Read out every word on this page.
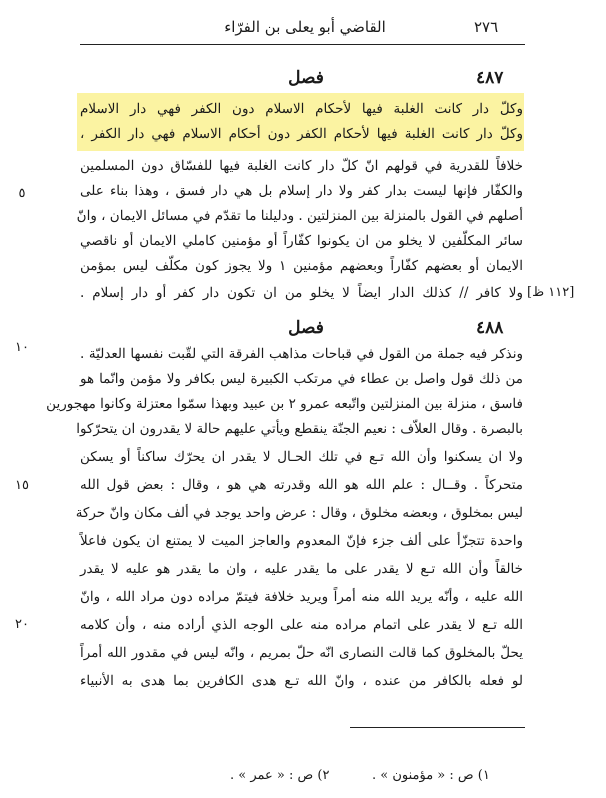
٢٧٦
القاضي أبو يعلى بن الفرّاء
٤٨٧
فصل
وكلّ دار كانت الغلبة فيها لأحكام الاسلام دون الكفر فهي دار الاسلام
وكلّ دار كانت الغلبة فيها لأحكام الكفر دون أحكام الاسلام فهي دار الكفر ،
خلافاً للقدرية في قولهم انّ كلّ دار كانت الغلبة فيها للفسّاق دون المسلمين
والكفّار فإنها ليست بدار كفر ولا دار إسلام بل هي دار فسق ، وهذا بناء على
أصلهم في القول بالمنزلة بين المنزلتين . ودليلنا ما تقدّم في مسائل الايمان ، وانّ
سائر المكلّفين لا يخلو من ان يكونوا كفّاراً أو مؤمنين كاملي الايمان أو ناقصي
الايمان أو بعضهم كفّاراً وبعضهم مؤمنين ١ ولا يجوز كون مكلّف ليس بمؤمن
ولا كافر // كذلك الدار ايضاً لا يخلو من ان تكون دار كفر أو دار إسلام . [١١٢ ظ]
٤٨٨
فصل
ونذكر فيه جملة من القول في قباحات مذاهب الفرقة التي لقّبت نفسها العدليّة .
من ذلك قول واصل بن عطاء في مرتكب الكبيرة ليس بكافر ولا مؤمن وانّما هو
فاسق ، منزلة بين المنزلتين واتّبعه عمرو ٢ بن عبيد وبهذا سمّوا معتزلة وكانوا مهجورين
بالبصرة . وقال العلاّف : نعيم الجنّة ينقطع ويأتي عليهم حالة لا يقدرون ان يتحرّكوا
ولا ان يسكنوا وأن الله تـع في تلك الحـال لا يقدر ان يحرّك ساكناً أو يسكن
متحركاً . وقــال : علم الله هو الله وقدرته هي هو ، وقال : بعض قول الله
ليس بمخلوق ، وبعضه مخلوق ، وقال : عرض واحد يوجد في ألف مكان وانّ حركة
واحدة تتجزّأ على ألف جزء فإنّ المعدوم والعاجز الميت لا يمتنع ان يكون فاعلاً
خالقاً وأن الله تـع لا يقدر على ما يقدر عليه ، وان ما يقدر هو عليه لا يقدر
الله عليه ، وأنّه يريد الله منه أمراً ويريد خلافة فيتمّ مراده دون مراد الله ، وانّ
الله تـع لا يقدر على اتمام مراده منه على الوجه الذي أراده منه ، وأن كلامه
يحلّ بالمخلوق كما قالت النصارى انّه حلّ بمريم ، وانّه ليس في مقدور الله أمراً
لو فعله بالكافر من عنده ، وانّ الله تـع هدى الكافرين بما هدى به الأنبياء
٥
١٠
١٥
٢٠
١) ص : « مؤمنون » .
٢) ص : « عمر » .
